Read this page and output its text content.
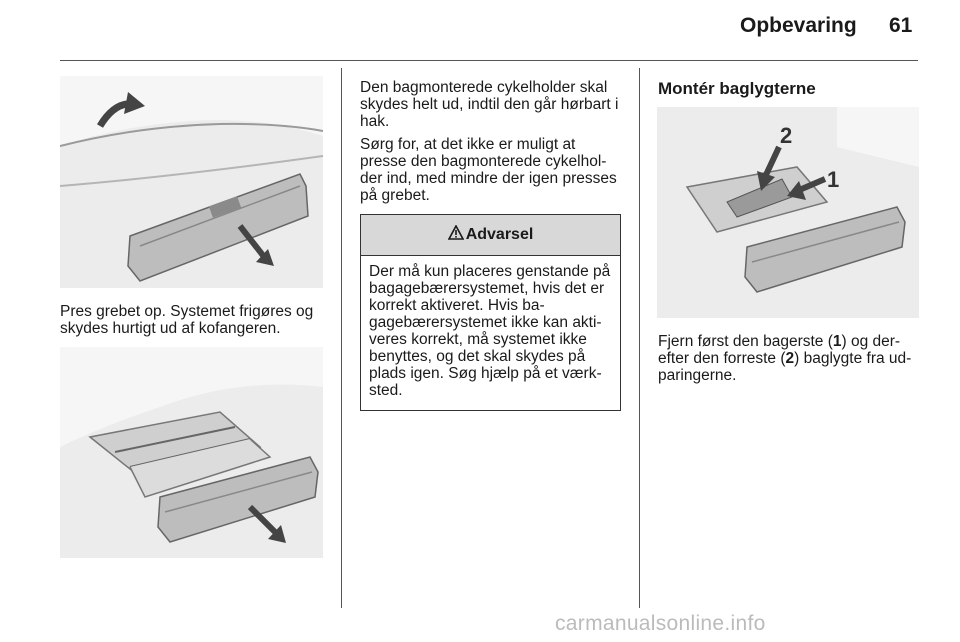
Opbevaring 61
Pres grebet op. Systemet frigøres og skydes hurtigt ud af kofangeren.

Den bagmonterede cykelholder skal skydes helt ud, indtil den går hørbart i hak.

Sørg for, at det ikke er muligt at presse den bagmonterede cykelhol-der ind, med mindre der igen presses på grebet.

Advarsel
Der må kun placeres genstande på bagagebærersystemet, hvis det er korrekt aktiveret. Hvis ba-gagebærersystemet ikke kan akti-veres korrekt, må systemet ikke benyttes, og det skal skydes på plads igen. Søg hjælp på et værk-sted.
Montér baglygterne
2
1
Fjern først den bagerste (1) og der-efter den forreste (2) baglygte fra ud-paringerne.
carmanualsonline.info
